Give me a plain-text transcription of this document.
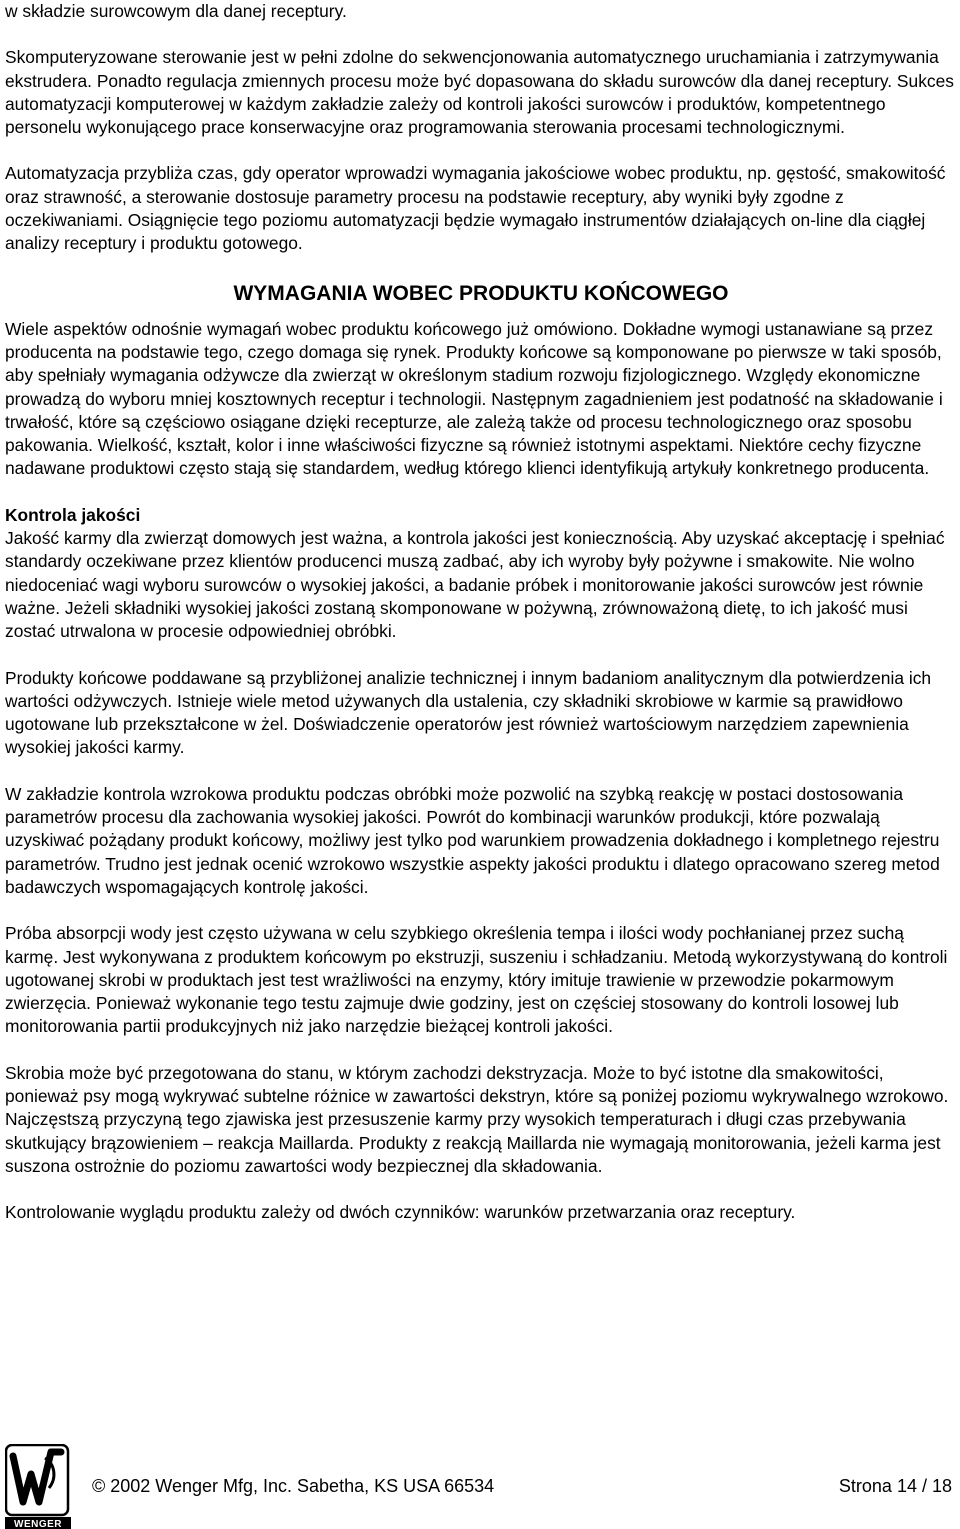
w składzie surowcowym dla danej receptury.

Skomputeryzowane sterowanie jest w pełni zdolne do sekwencjonowania automatycznego uruchamiania i zatrzymywania ekstrudera. Ponadto regulacja zmiennych procesu może być dopasowana do składu surowców dla danej receptury. Sukces automatyzacji komputerowej w każdym zakładzie zależy od kontroli jakości surowców i produktów, kompetentnego personelu wykonującego prace konserwacyjne oraz programowania sterowania procesami technologicznymi.

Automatyzacja przybliża czas, gdy operator wprowadzi wymagania jakościowe wobec produktu, np. gęstość, smakowitość oraz strawność, a sterowanie dostosuje parametry procesu na podstawie receptury, aby wyniki były zgodne z oczekiwaniami. Osiągnięcie tego poziomu automatyzacji będzie wymagało instrumentów działających on-line dla ciągłej analizy receptury i produktu gotowego.

WYMAGANIA WOBEC PRODUKTU KOŃCOWEGO

Wiele aspektów odnośnie wymagań wobec produktu końcowego już omówiono. Dokładne wymogi ustanawiane są przez producenta na podstawie tego, czego domaga się rynek. Produkty końcowe są komponowane po pierwsze w taki sposób, aby spełniały wymagania odżywcze dla zwierząt w określonym stadium rozwoju fizjologicznego. Względy ekonomiczne prowadzą do wyboru mniej kosztownych receptur i technologii. Następnym zagadnieniem jest podatność na składowanie i trwałość, które są częściowo osiągane dzięki recepturze, ale zależą także od procesu technologicznego oraz sposobu pakowania. Wielkość, kształt, kolor i inne właściwości fizyczne są również istotnymi aspektami. Niektóre cechy fizyczne nadawane produktowi często stają się standardem, według którego klienci identyfikują artykuły konkretnego producenta.

Kontrola jakości

Jakość karmy dla zwierząt domowych jest ważna, a kontrola jakości jest koniecznością. Aby uzyskać akceptację i spełniać standardy oczekiwane przez klientów producenci muszą zadbać, aby ich wyroby były pożywne i smakowite. Nie wolno niedoceniać wagi wyboru surowców o wysokiej jakości, a badanie próbek i monitorowanie jakości surowców jest równie ważne. Jeżeli składniki wysokiej jakości zostaną skomponowane w pożywną, zrównoważoną dietę, to ich jakość musi zostać utrwalona w procesie odpowiedniej obróbki.

Produkty końcowe poddawane są przybliżonej analizie technicznej i innym badaniom analitycznym dla potwierdzenia ich wartości odżywczych. Istnieje wiele metod używanych dla ustalenia, czy składniki skrobiowe w karmie są prawidłowo ugotowane lub przekształcone w żel. Doświadczenie operatorów jest również wartościowym narzędziem zapewnienia wysokiej jakości karmy.

W zakładzie kontrola wzrokowa produktu podczas obróbki może pozwolić na szybką reakcję w postaci dostosowania parametrów procesu dla zachowania wysokiej jakości. Powrót do kombinacji warunków produkcji, które pozwalają uzyskiwać pożądany produkt końcowy, możliwy jest tylko pod warunkiem prowadzenia dokładnego i kompletnego rejestru parametrów. Trudno jest jednak ocenić wzrokowo wszystkie aspekty jakości produktu i dlatego opracowano szereg metod badawczych wspomagających kontrolę jakości.

Próba absorpcji wody jest często używana w celu szybkiego określenia tempa i ilości wody pochłanianej przez suchą karmę. Jest wykonywana z produktem końcowym po ekstruzji, suszeniu i schładzaniu. Metodą wykorzystywaną do kontroli ugotowanej skrobi w produktach jest test wrażliwości na enzymy, który imituje trawienie w przewodzie pokarmowym zwierzęcia. Ponieważ wykonanie tego testu zajmuje dwie godziny, jest on częściej stosowany do kontroli losowej lub monitorowania partii produkcyjnych niż jako narzędzie bieżącej kontroli jakości.

Skrobia może być przegotowana do stanu, w którym zachodzi dekstryzacja. Może to być istotne dla smakowitości, ponieważ psy mogą wykrywać subtelne różnice w zawartości dekstryn, które są poniżej poziomu wykrywalnego wzrokowo. Najczęstszą przyczyną tego zjawiska jest przesuszenie karmy przy wysokich temperaturach i długi czas przebywania skutkujący brązowieniem – reakcja Maillarda. Produkty z reakcją Maillarda nie wymagają monitorowania, jeżeli karma jest suszona ostrożnie do poziomu zawartości wody bezpiecznej dla składowania.

Kontrolowanie wyglądu produktu zależy od dwóch czynników: warunków przetwarzania oraz receptury.

WENGER
© 2002 Wenger Mfg, Inc. Sabetha, KS USA 66534	Strona 14 / 18
